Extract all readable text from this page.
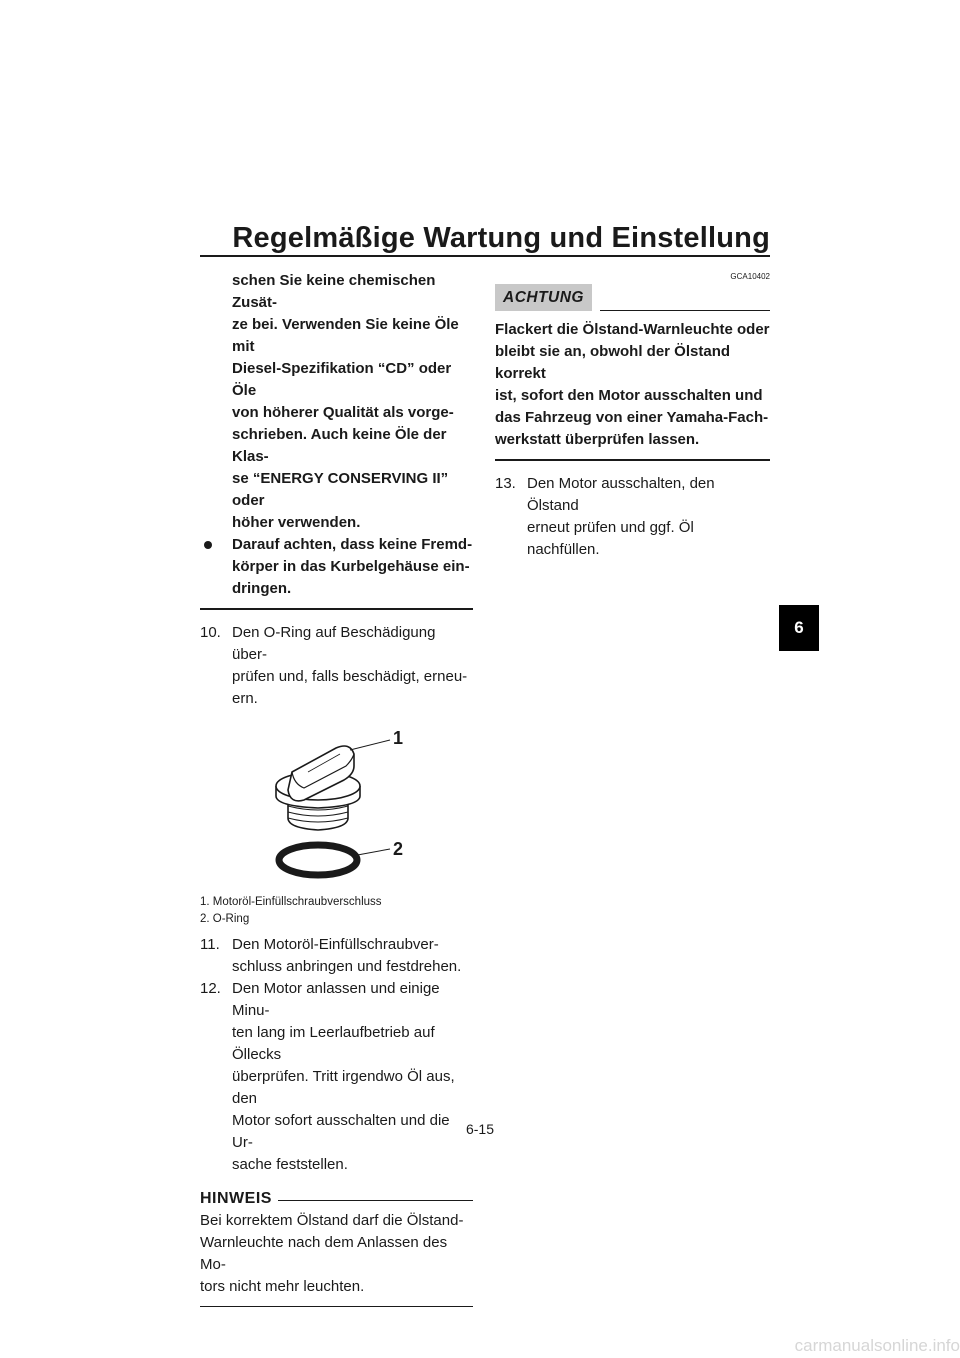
Regelmäßige Wartung und Einstellung
schen Sie keine chemischen Zusät-
ze bei. Verwenden Sie keine Öle mit
Diesel-Spezifikation “CD” oder Öle
von höherer Qualität als vorge-
schrieben. Auch keine Öle der Klas-
se “ENERGY CONSERVING II” oder
höher verwenden.
Darauf achten, dass keine Fremd-
körper in das Kurbelgehäuse ein-
dringen.
10. Den O-Ring auf Beschädigung über-
prüfen und, falls beschädigt, erneu-
ern.
1
2
1. Motoröl-Einfüllschraubverschluss
2. O-Ring
11. Den Motoröl-Einfüllschraubver-
schluss anbringen und festdrehen.
12. Den Motor anlassen und einige Minu-
ten lang im Leerlaufbetrieb auf Öllecks
überprüfen. Tritt irgendwo Öl aus, den
Motor sofort ausschalten und die Ur-
sache feststellen.
HINWEIS
Bei korrektem Ölstand darf die Ölstand-
Warnleuchte nach dem Anlassen des Mo-
tors nicht mehr leuchten.
GCA10402
ACHTUNG
Flackert die Ölstand-Warnleuchte oder
bleibt sie an, obwohl der Ölstand korrekt
ist, sofort den Motor ausschalten und
das Fahrzeug von einer Yamaha-Fach-
werkstatt überprüfen lassen.
13. Den Motor ausschalten, den Ölstand
erneut prüfen und ggf. Öl nachfüllen.
6
6-15
carmanualsonline.info
